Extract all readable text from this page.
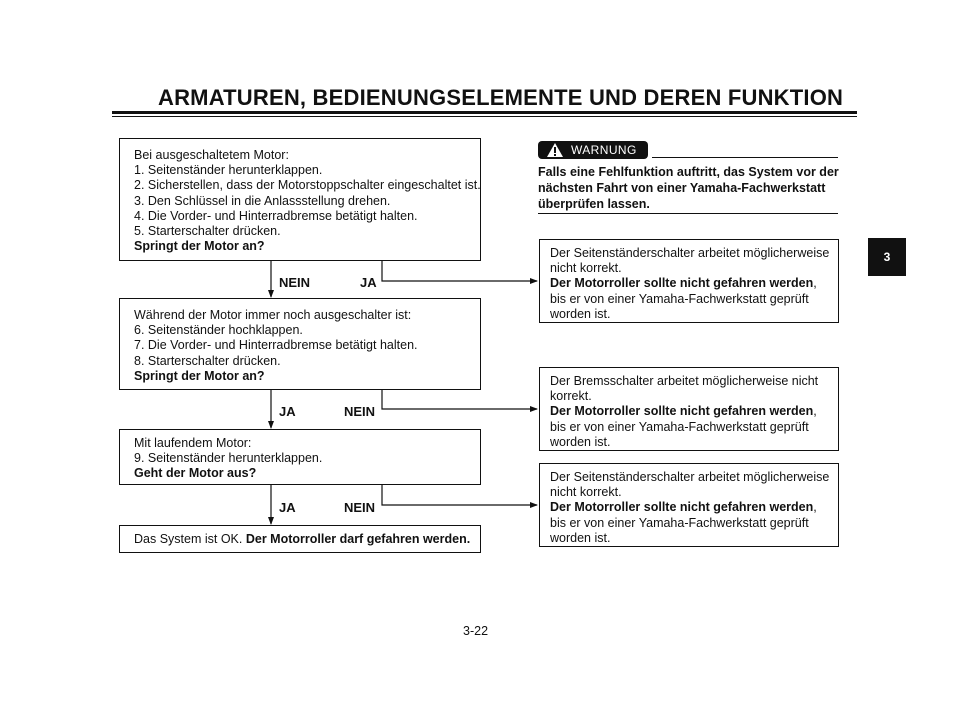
ARMATUREN, BEDIENUNGSELEMENTE UND DEREN FUNKTION
Bei ausgeschaltetem Motor:
1. Seitenständer herunterklappen.
2. Sicherstellen, dass der Motorstoppschalter eingeschaltet ist.
3. Den Schlüssel in die Anlassstellung drehen.
4. Die Vorder- und Hinterradbremse betätigt halten.
5. Starterschalter drücken.
Springt der Motor an?
NEIN	JA
Während der Motor immer noch ausgeschalter ist:
6. Seitenständer hochklappen.
7. Die Vorder- und Hinterradbremse betätigt halten.
8. Starterschalter drücken.
Springt der Motor an?
JA	NEIN
Mit laufendem Motor:
9. Seitenständer herunterklappen.
Geht der Motor aus?
JA	NEIN
Das System ist OK. Der Motorroller darf gefahren werden.
WARNUNG
Falls eine Fehlfunktion auftritt, das System vor der nächsten Fahrt von einer Yamaha-Fachwerkstatt überprüfen lassen.
Der Seitenständerschalter arbeitet möglicherweise
nicht korrekt.
Der Motorroller sollte nicht gefahren werden,
bis er von einer Yamaha-Fachwerkstatt geprüft
worden ist.
Der Bremsschalter arbeitet möglicherweise nicht
korrekt.
Der Motorroller sollte nicht gefahren werden,
bis er von einer Yamaha-Fachwerkstatt geprüft
worden ist.
Der Seitenständerschalter arbeitet möglicherweise
nicht korrekt.
Der Motorroller sollte nicht gefahren werden,
bis er von einer Yamaha-Fachwerkstatt geprüft
worden ist.
3
3-22
